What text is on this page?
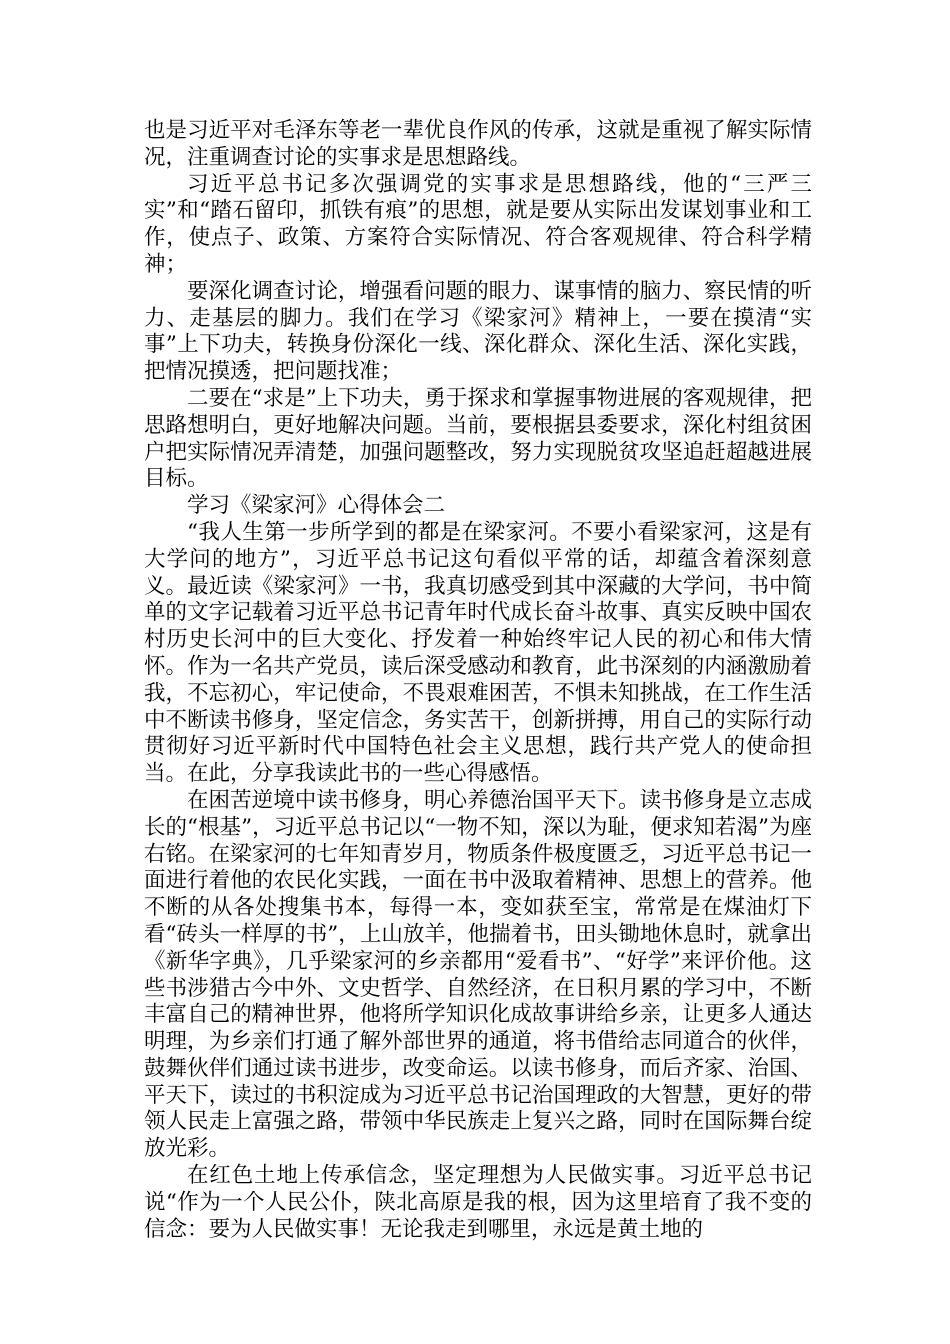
也是习近平对毛泽东等老一辈优良作风的传承，这就是重视了解实际情况，注重调查讨论的实事求是思想路线。

习近平总书记多次强调党的实事求是思想路线，他的“三严三实”和“踏石留印，抓铁有痕”的思想，就是要从实际出发谋划事业和工作，使点子、政策、方案符合实际情况、符合客观规律、符合科学精神；

要深化调查讨论，增强看问题的眼力、谋事情的脑力、察民情的听力、走基层的脚力。我们在学习《梁家河》精神上，一要在摸清“实事”上下功夫，转换身份深化一线、深化群众、深化生活、深化实践，把情况摸透，把问题找准；

二要在“求是”上下功夫，勇于探求和掌握事物进展的客观规律，把思路想明白，更好地解决问题。当前，要根据县委要求，深化村组贫困户把实际情况弄清楚，加强问题整改，努力实现脱贫攻坚追赶超越进展目标。

学习《梁家河》心得体会二

“我人生第一步所学到的都是在梁家河。不要小看梁家河，这是有大学问的地方”，习近平总书记这句看似平常的话，却蕴含着深刻意义。最近读《梁家河》一书，我真切感受到其中深藏的大学问，书中简单的文字记载着习近平总书记青年时代成长奋斗故事、真实反映中国农村历史长河中的巨大变化、抒发着一种始终牢记人民的初心和伟大情怀。作为一名共产党员，读后深受感动和教育，此书深刻的内涵激励着我，不忘初心，牢记使命，不畏艰难困苦，不惧未知挑战，在工作生活中不断读书修身，坚定信念，务实苦干，创新拼搏，用自己的实际行动贯彻好习近平新时代中国特色社会主义思想，践行共产党人的使命担当。在此，分享我读此书的一些心得感悟。

在困苦逆境中读书修身，明心养德治国平天下。读书修身是立志成长的“根基”，习近平总书记以“一物不知，深以为耻，便求知若渴”为座右铭。在梁家河的七年知青岁月，物质条件极度匮乏，习近平总书记一面进行着他的农民化实践，一面在书中汲取着精神、思想上的营养。他不断的从各处搜集书本，每得一本，变如获至宝，常常是在煤油灯下看“砖头一样厚的书”，上山放羊，他揣着书，田头锄地休息时，就拿出《新华字典》，几乎梁家河的乡亲都用“爱看书”、“好学”来评价他。这些书涉猎古今中外、文史哲学、自然经济，在日积月累的学习中，不断丰富自己的精神世界，他将所学知识化成故事讲给乡亲，让更多人通达明理，为乡亲们打通了解外部世界的通道，将书借给志同道合的伙伴，鼓舞伙伴们通过读书进步，改变命运。以读书修身，而后齐家、治国、平天下，读过的书积淀成为习近平总书记治国理政的大智慧，更好的带领人民走上富强之路，带领中华民族走上复兴之路，同时在国际舞台绽放光彩。

在红色土地上传承信念，坚定理想为人民做实事。习近平总书记说“作为一个人民公仆，陕北高原是我的根，因为这里培育了我不变的信念：要为人民做实事！无论我走到哪里，永远是黄土地的
